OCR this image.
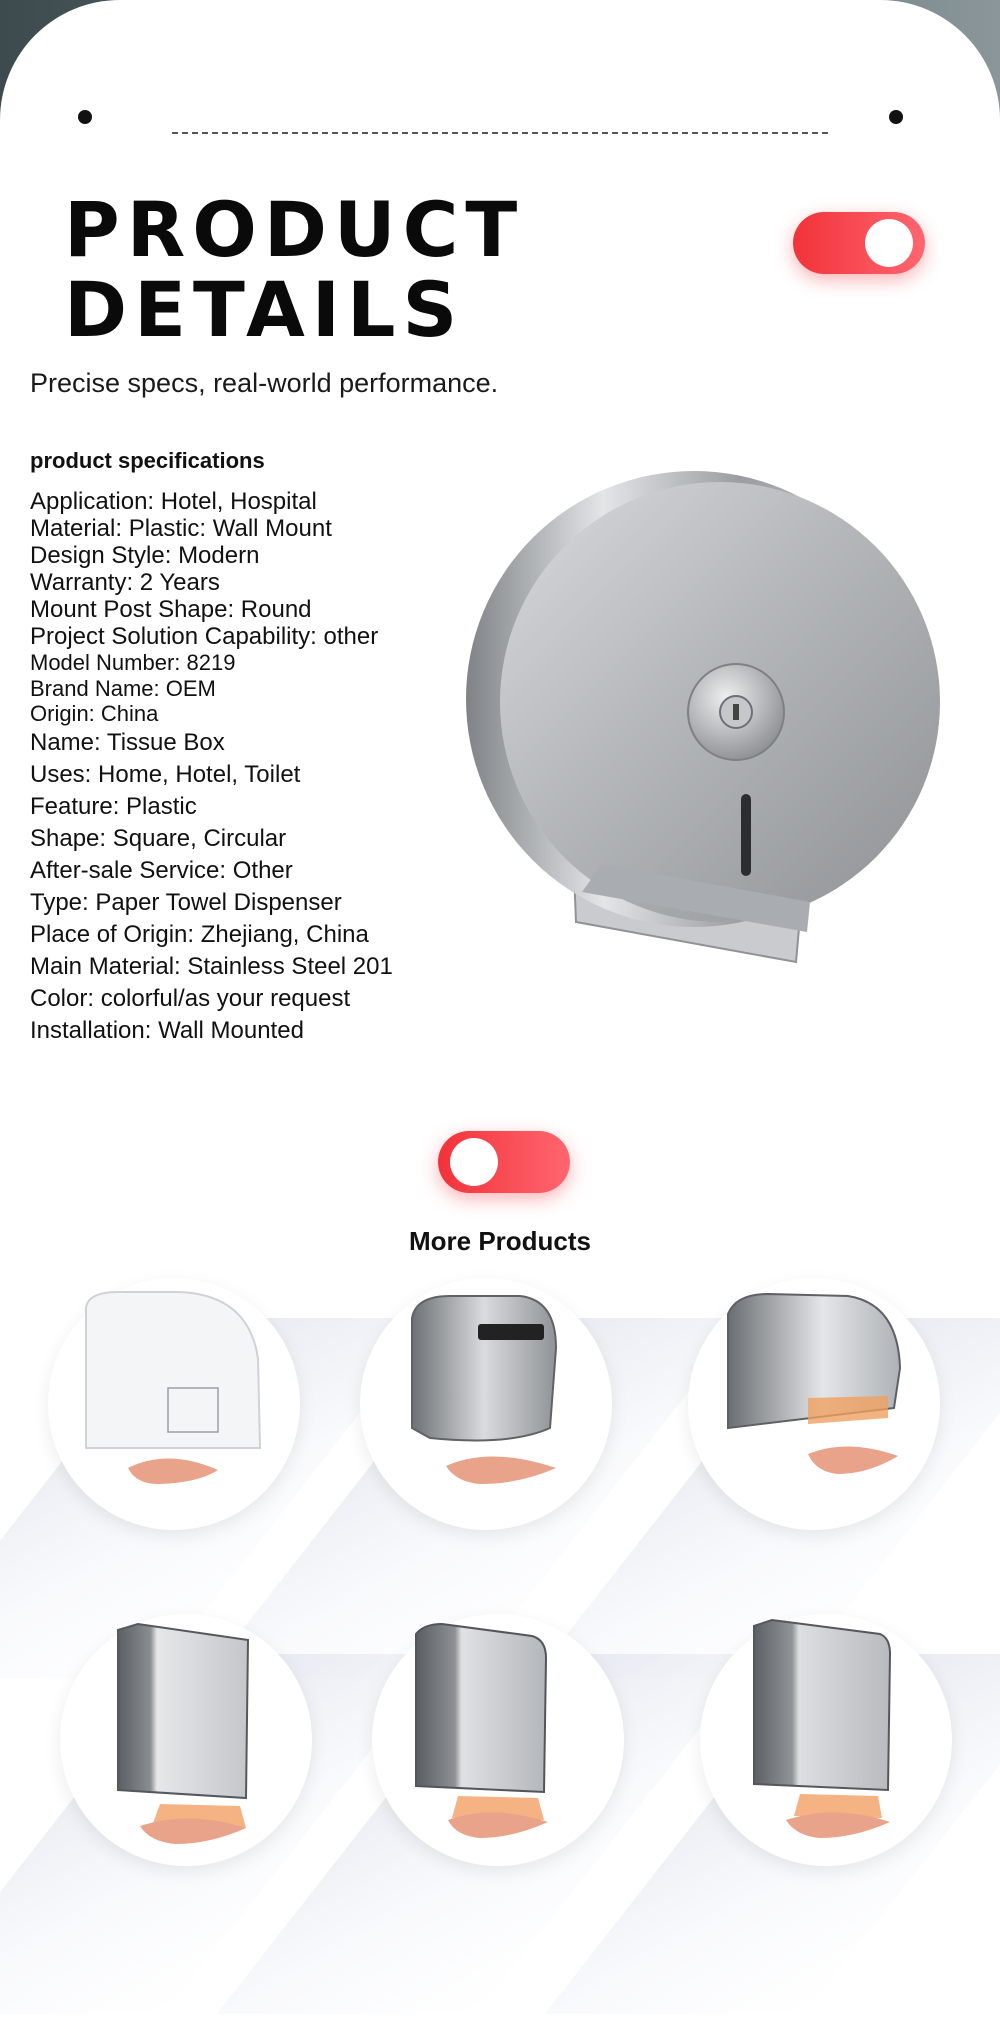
PRODUCT
DETAILS
Precise specs, real-world performance.
product specifications
Application: Hotel, Hospital
Material: Plastic: Wall Mount
Design Style: Modern
Warranty: 2 Years
Mount Post Shape: Round
Project Solution Capability: other
Model Number: 8219
Brand Name: OEM
Origin: China
Name: Tissue Box
Uses: Home, Hotel, Toilet
Feature: Plastic
Shape: Square, Circular
After-sale Service: Other
Type: Paper Towel Dispenser
Place of Origin: Zhejiang, China
Main Material: Stainless Steel 201
Color: colorful/as your request
Installation: Wall Mounted
More Products
